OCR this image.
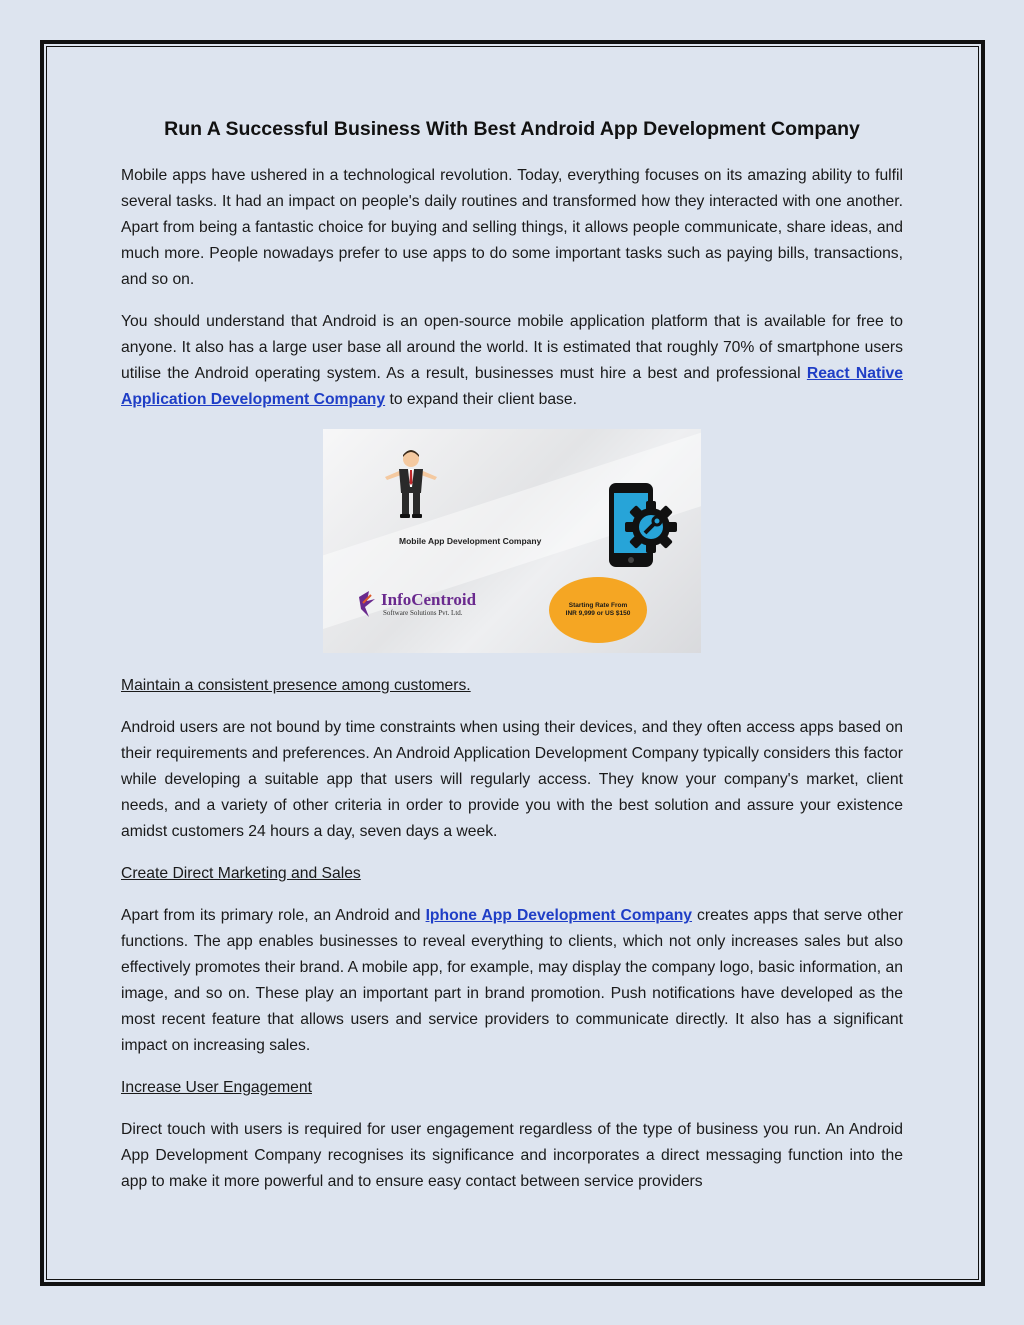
Run A Successful Business With Best Android App Development Company

Mobile apps have ushered in a technological revolution. Today, everything focuses on its amazing ability to fulfil several tasks. It had an impact on people's daily routines and transformed how they interacted with one another. Apart from being a fantastic choice for buying and selling things, it allows people communicate, share ideas, and much more. People nowadays prefer to use apps to do some important tasks such as paying bills, transactions, and so on.

You should understand that Android is an open-source mobile application platform that is available for free to anyone. It also has a large user base all around the world. It is estimated that roughly 70% of smartphone users utilise the Android operating system. As a result, businesses must hire a best and professional React Native Application Development Company to expand their client base.

Mobile App Development Company
InfoCentroid
Software Solutions Pvt. Ltd.
Starting Rate From
INR 9,999 or US $150
Maintain a consistent presence among customers.

Android users are not bound by time constraints when using their devices, and they often access apps based on their requirements and preferences. An Android Application Development Company typically considers this factor while developing a suitable app that users will regularly access. They know your company's market, client needs, and a variety of other criteria in order to provide you with the best solution and assure your existence amidst customers 24 hours a day, seven days a week.

Create Direct Marketing and Sales

Apart from its primary role, an Android and Iphone App Development Company creates apps that serve other functions. The app enables businesses to reveal everything to clients, which not only increases sales but also effectively promotes their brand. A mobile app, for example, may display the company logo, basic information, an image, and so on. These play an important part in brand promotion. Push notifications have developed as the most recent feature that allows users and service providers to communicate directly. It also has a significant impact on increasing sales.

Increase User Engagement

Direct touch with users is required for user engagement regardless of the type of business you run. An Android App Development Company recognises its significance and incorporates a direct messaging function into the app to make it more powerful and to ensure easy contact between service providers
